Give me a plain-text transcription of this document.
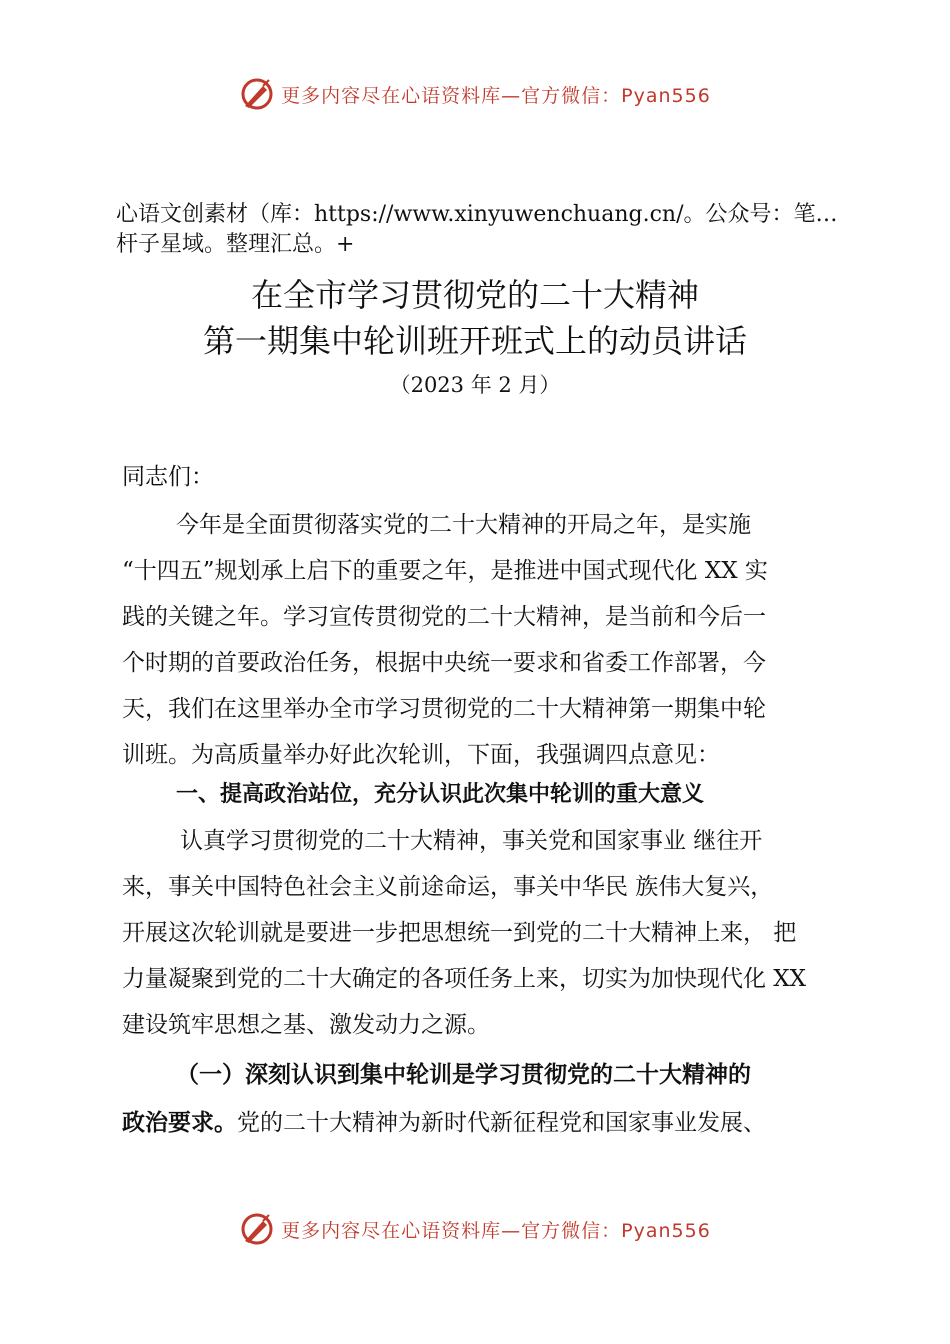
更多内容尽在心语资料库—官方微信：Pyan556
心语文创素材（库：https://www.xinyuwenchuang.cn/。公众号：笔…杆子星域。整理汇总。+
在全市学习贯彻党的二十大精神
第一期集中轮训班开班式上的动员讲话
（2023 年 2 月）
同志们：
今年是全面贯彻落实党的二十大精神的开局之年，是实施
“十四五”规划承上启下的重要之年，是推进中国式现代化 XX 实
践的关键之年。学习宣传贯彻党的二十大精神，是当前和今后一
个时期的首要政治任务，根据中央统一要求和省委工作部署，今
天，我们在这里举办全市学习贯彻党的二十大精神第一期集中轮
训班。为高质量举办好此次轮训，下面，我强调四点意见：
一、提高政治站位，充分认识此次集中轮训的重大意义
认真学习贯彻党的二十大精神，事关党和国家事业 继往开
来，事关中国特色社会主义前途命运，事关中华民 族伟大复兴，
开展这次轮训就是要进一步把思想统一到党的二十大精神上来， 把
力量凝聚到党的二十大确定的各项任务上来，切实为加快现代化 XX
建设筑牢思想之基、激发动力之源。
（一）深刻认识到集中轮训是学习贯彻党的二十大精神的
政治要求。党的二十大精神为新时代新征程党和国家事业发展、
更多内容尽在心语资料库—官方微信：Pyan556
